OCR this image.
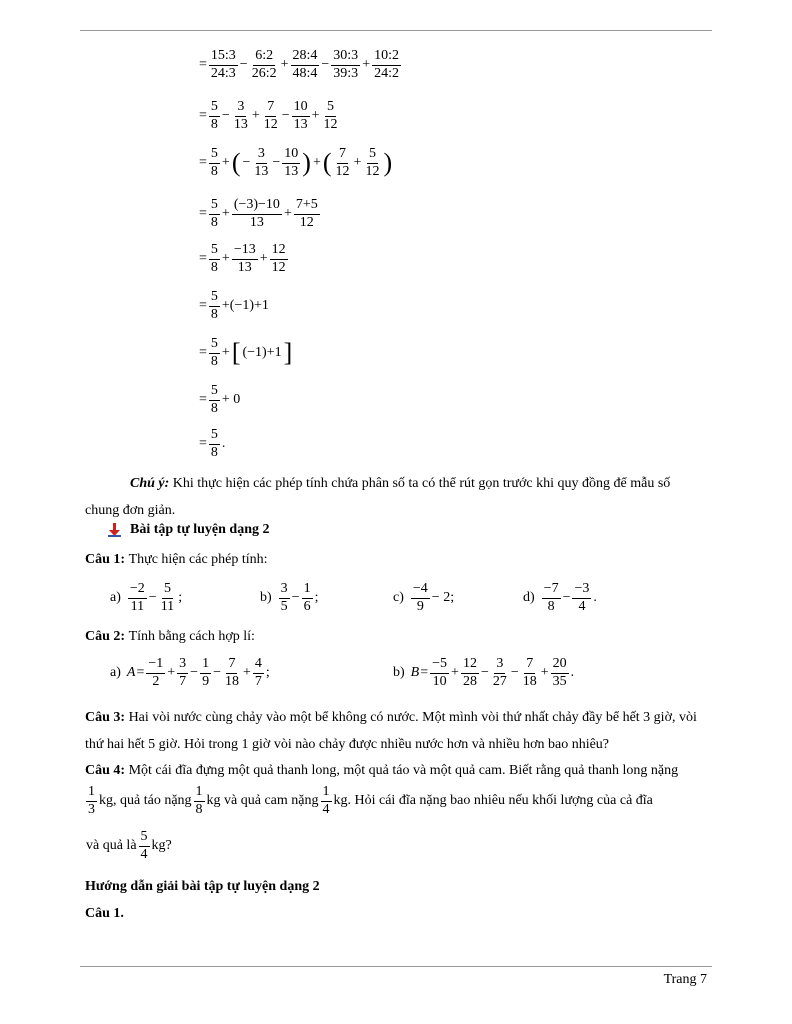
= $\frac{15:3}{24:3} - \frac{6:2}{26:2} + \frac{28:4}{48:4} - \frac{30:3}{39:3} + \frac{10:2}{24:2}$
= $\frac{5}{8} - \frac{3}{13} + \frac{7}{12} - \frac{10}{13} + \frac{5}{12}$
= $\frac{5}{8}$ + ( − $\frac{3}{13} - \frac{10}{13}$ ) + ( $\frac{7}{12} + \frac{5}{12}$ )
= $\frac{5}{8} + \frac{(-3)-10}{13} + \frac{7+5}{12}$
= $\frac{5}{8} + \frac{-13}{13} + \frac{12}{12}$
= $\frac{5}{8} +(-1)+1$
= $\frac{5}{8}$ + [ (−1)+1 ]
= $\frac{5}{8} + 0$
= $\frac{5}{8}$ .
Chú ý: Khi thực hiện các phép tính chứa phân số ta có thể rút gọn trước khi quy đồng để mẫu số chung đơn giản.
Bài tập tự luyện dạng 2
Câu 1:
Thực hiện các phép tính:
$a) \frac{-2}{11} - \frac{5}{11}$ ;	$b) \frac{3}{5} - \frac{1}{6}$ ;	$c) \frac{-4}{9} - 2$;	$d) \frac{-7}{8} - \frac{-3}{4}$ .
Câu 2:
Tính bằng cách hợp lí:
a) $A = \frac{-1}{2} + \frac{3}{7} - \frac{1}{9} - \frac{7}{18} + \frac{4}{7}$ ;	b) $B = \frac{-5}{10} + \frac{12}{28} - \frac{3}{27} - \frac{7}{18} + \frac{20}{35}$ .
Câu 3: Hai vòi nước cùng chảy vào một bể không có nước. Một mình vòi thứ nhất chảy đầy bể hết 3 giờ, vòi thứ hai hết 5 giờ. Hỏi trong 1 giờ vòi nào chảy được nhiều nước hơn và nhiều hơn bao nhiêu?
Câu 4: Một cái đĩa đựng một quả thanh long, một quả táo và một quả cam. Biết rằng quả thanh long nặng
$\frac{1}{3}$ kg, quả táo nặng $\frac{1}{8}$ kg và quả cam nặng $\frac{1}{4}$ kg. Hỏi cái đĩa nặng bao nhiêu nếu khối lượng của cả đĩa
và quả là $\frac{5}{4}$ kg?
Hướng dẫn giải bài tập tự luyện dạng 2
Câu 1.
Trang 7
